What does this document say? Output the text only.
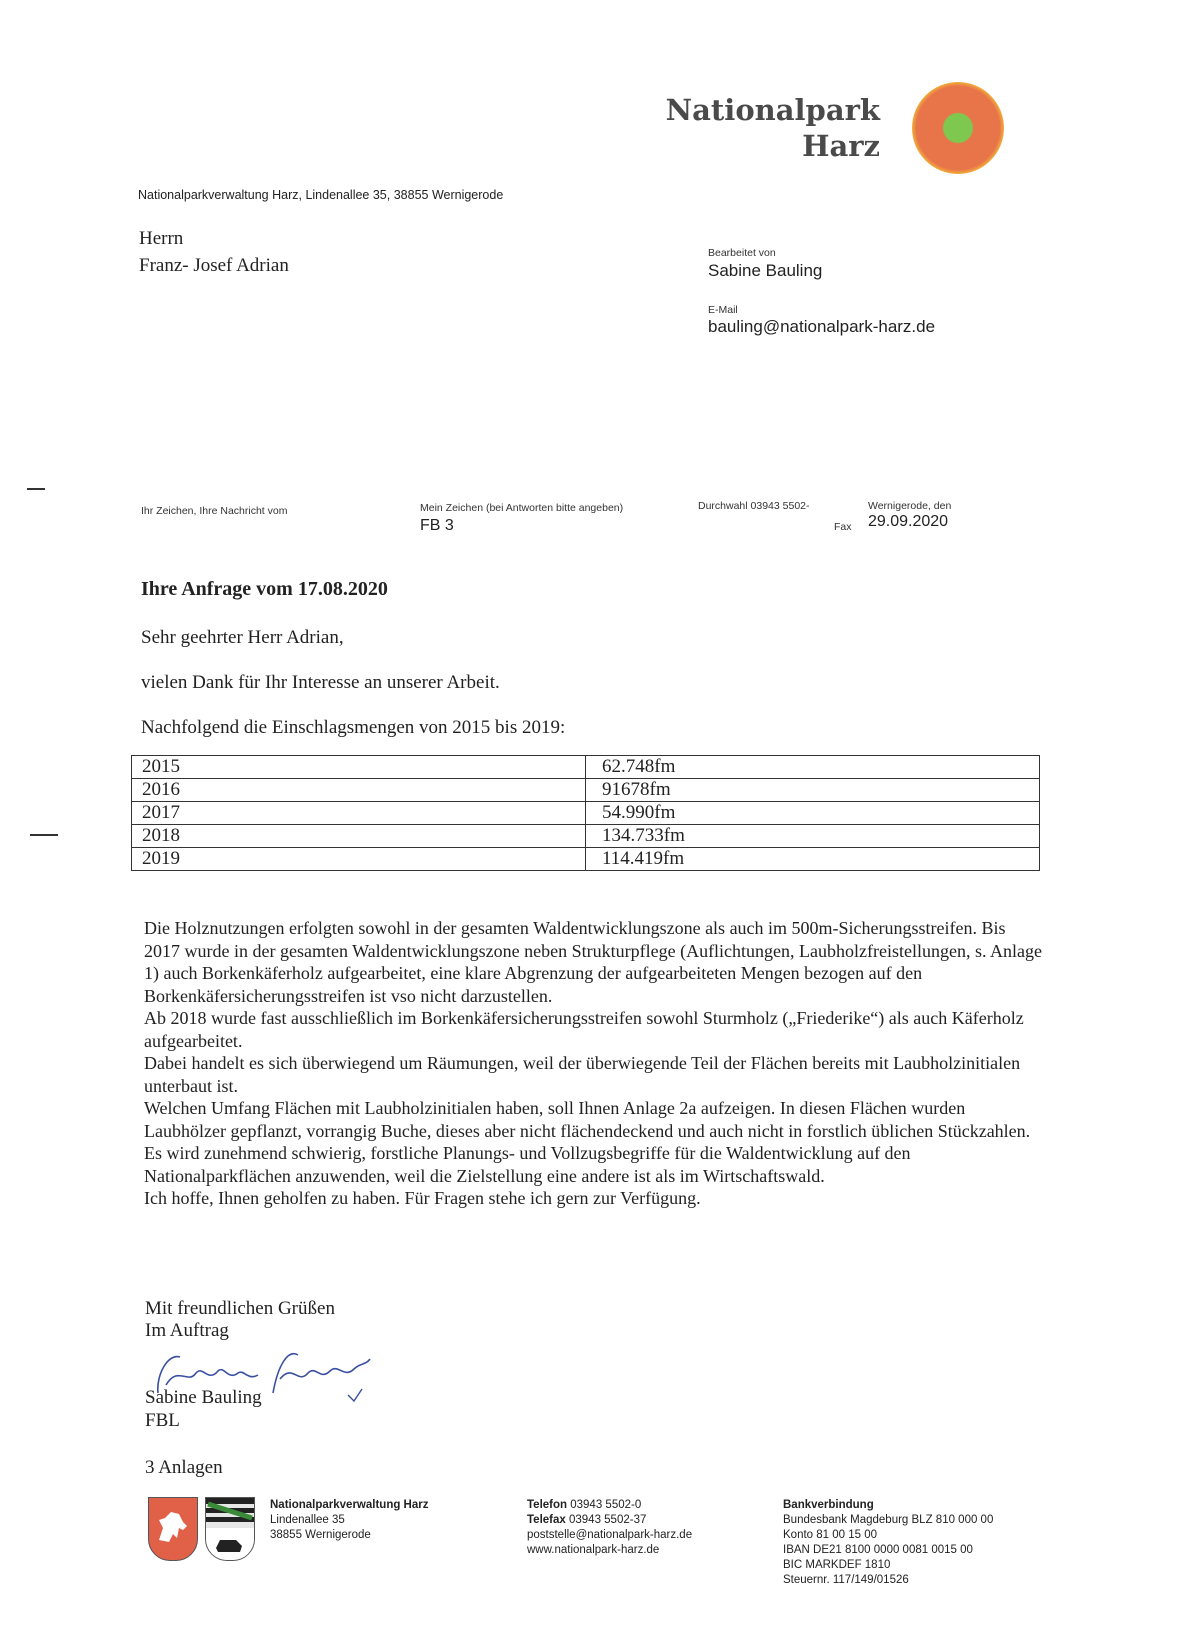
Nationalpark
Harz
Nationalparkverwaltung Harz, Lindenallee 35, 38855 Wernigerode
Herrn
Franz- Josef Adrian
Bearbeitet von
Sabine Bauling
E-Mail
bauling@nationalpark-harz.de
Ihr Zeichen, Ihre Nachricht vom	Mein Zeichen (bei Antworten bitte angeben)
FB 3
Durchwahl 03943 5502-
Fax
Wernigerode, den
29.09.2020
Ihre Anfrage vom 17.08.2020
Sehr geehrter Herr Adrian,
vielen Dank für Ihr Interesse an unserer Arbeit.
Nachfolgend die Einschlagsmengen von 2015 bis 2019:
2015	62.748fm
2016	91678fm
2017	54.990fm
2018	134.733fm
2019	114.419fm

Die Holznutzungen erfolgten sowohl in der gesamten Waldentwicklungszone als auch im 500m-Sicherungsstreifen. Bis 2017 wurde in der gesamten Waldentwicklungszone neben Strukturpflege (Auflichtungen, Laubholzfreistellungen, s. Anlage 1) auch Borkenkäferholz aufgearbeitet, eine klare Abgrenzung der aufgearbeiteten Mengen bezogen auf den Borkenkäfersicherungsstreifen ist vso nicht darzustellen.

Ab 2018 wurde fast ausschließlich im Borkenkäfersicherungsstreifen sowohl Sturmholz („Friederike“) als auch Käferholz aufgearbeitet.

Dabei handelt es sich überwiegend um Räumungen, weil der überwiegende Teil der Flächen bereits mit Laubholzinitialen unterbaut ist.

Welchen Umfang Flächen mit Laubholzinitialen haben, soll Ihnen Anlage 2a aufzeigen. In diesen Flächen wurden Laubhölzer gepflanzt, vorrangig Buche, dieses aber nicht flächendeckend und auch nicht in forstlich üblichen Stückzahlen.

Es wird zunehmend schwierig, forstliche Planungs- und Vollzugsbegriffe für die Waldentwicklung auf den Nationalparkflächen anzuwenden, weil die Zielstellung eine andere ist als im Wirtschaftswald.

Ich hoffe, Ihnen geholfen zu haben. Für Fragen stehe ich gern zur Verfügung.

Mit freundlichen Grüßen
Im Auftrag
Sabine Bauling
FBL
3 Anlagen
Nationalparkverwaltung Harz
Lindenallee 35
38855 Wernigerode
Telefon 03943 5502-0
Telefax 03943 5502-37
poststelle@nationalpark-harz.de
www.nationalpark-harz.de
Bankverbindung
Bundesbank Magdeburg BLZ 810 000 00
Konto 81 00 15 00
IBAN DE21 8100 0000 0081 0015 00
BIC MARKDEF 1810
Steuernr. 117/149/01526
